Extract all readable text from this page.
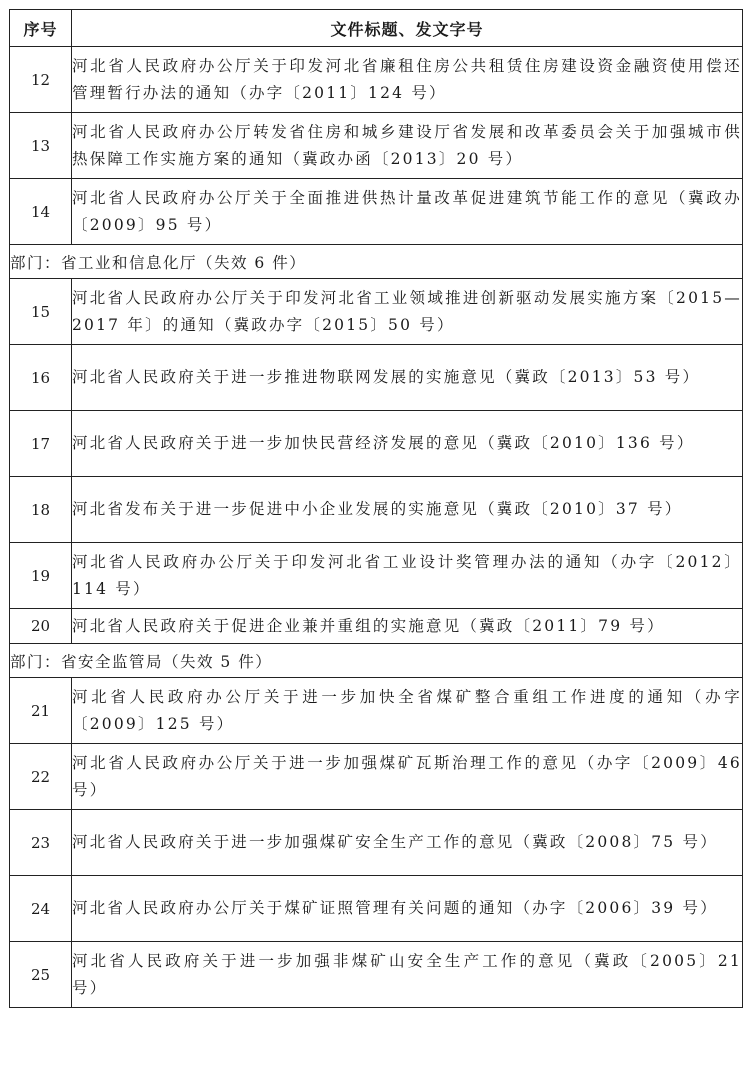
序号	文件标题、发文字号
12	河北省人民政府办公厅关于印发河北省廉租住房公共租赁住房建设资金融资使用偿还管理暂行办法的通知（办字〔2011〕124 号）
13	河北省人民政府办公厅转发省住房和城乡建设厅省发展和改革委员会关于加强城市供热保障工作实施方案的通知（冀政办函〔2013〕20 号）
14	河北省人民政府办公厅关于全面推进供热计量改革促进建筑节能工作的意见（冀政办〔2009〕95 号）
部门：省工业和信息化厅（失效 6 件）	
15	河北省人民政府办公厅关于印发河北省工业领域推进创新驱动发展实施方案〔2015—2017 年〕的通知（冀政办字〔2015〕50 号）
16	河北省人民政府关于进一步推进物联网发展的实施意见（冀政〔2013〕53 号）
17	河北省人民政府关于进一步加快民营经济发展的意见（冀政〔2010〕136 号）
18	河北省发布关于进一步促进中小企业发展的实施意见（冀政〔2010〕37 号）
19	河北省人民政府办公厅关于印发河北省工业设计奖管理办法的通知（办字〔2012〕114 号）
20	河北省人民政府关于促进企业兼并重组的实施意见（冀政〔2011〕79 号）
部门：省安全监管局（失效 5 件）	
21	河北省人民政府办公厅关于进一步加快全省煤矿整合重组工作进度的通知（办字〔2009〕125 号）
22	河北省人民政府办公厅关于进一步加强煤矿瓦斯治理工作的意见（办字〔2009〕46 号）
23	河北省人民政府关于进一步加强煤矿安全生产工作的意见（冀政〔2008〕75 号）
24	河北省人民政府办公厅关于煤矿证照管理有关问题的通知（办字〔2006〕39 号）
25	河北省人民政府关于进一步加强非煤矿山安全生产工作的意见（冀政〔2005〕21 号）
